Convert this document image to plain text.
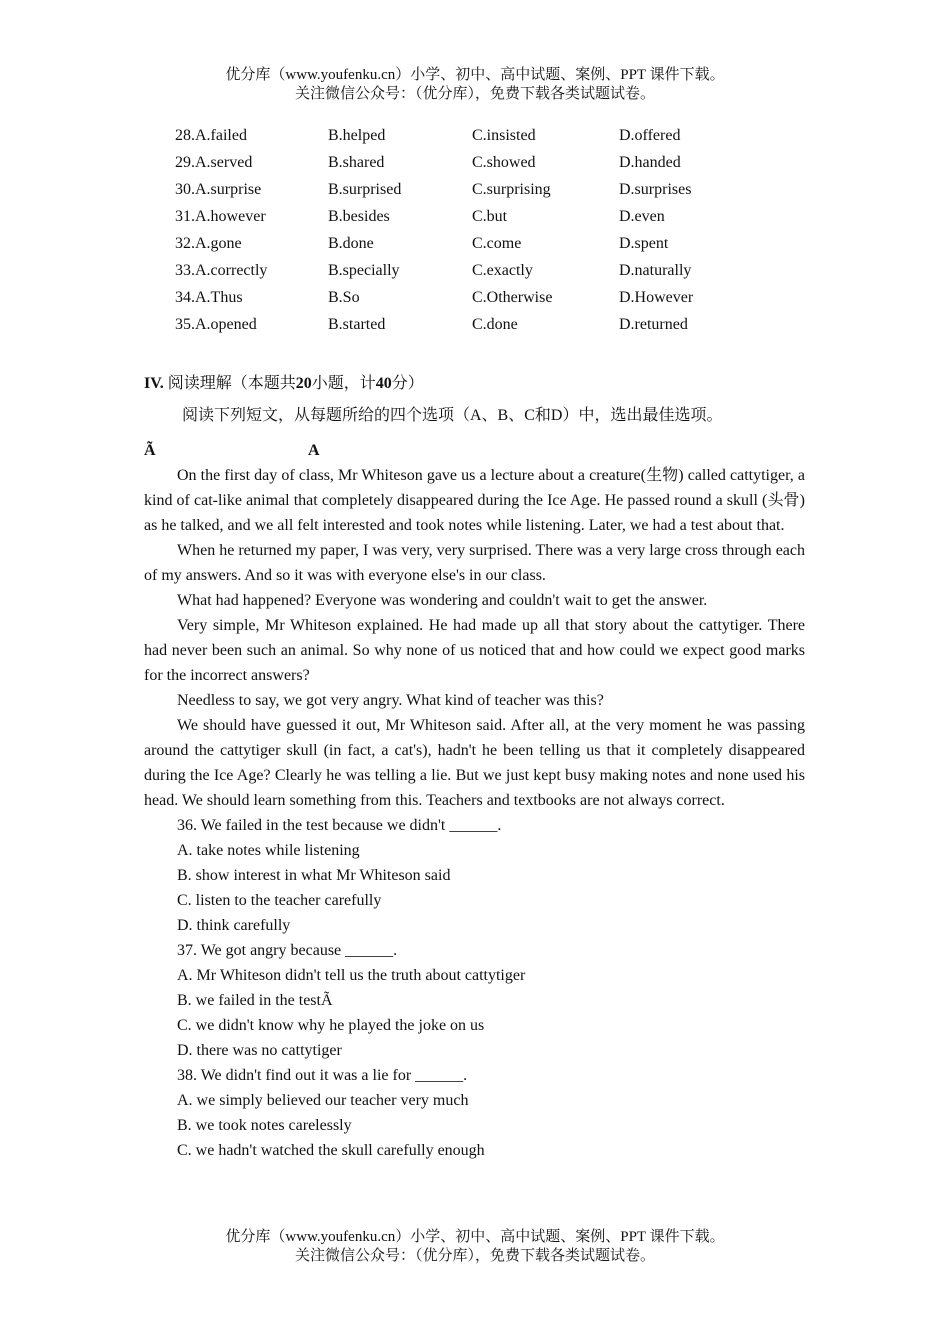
优分库（www.youfenku.cn）小学、初中、高中试题、案例、PPT 课件下载。
关注微信公众号：（优分库），免费下载各类试题试卷。
28.A.failed	B.helped	C.insisted	D.offered
29.A.served	B.shared	C.showed	D.handed
30.A.surprise	B.surprised	C.surprising	D.surprises
31.A.however	B.besides	C.but	D.even
32.A.gone	B.done	C.come	D.spent
33.A.correctly	B.specially	C.exactly	D.naturally
34.A.Thus	B.So	C.Otherwise	D.However
35.A.opened	B.started	C.done	D.returned
IV. 阅读理解（本题共20小题，计40分）
阅读下列短文，从每题所给的四个选项（A、B、C和D）中，选出最佳选项。
Ã	A

On the first day of class, Mr Whiteson gave us a lecture about a creature(生物) called cattytiger, a kind of cat-like animal that completely disappeared during the Ice Age. He passed round a skull (头骨) as he talked, and we all felt interested and took notes while listening. Later, we had a test about that.

When he returned my paper, I was very, very surprised. There was a very large cross through each of my answers. And so it was with everyone else's in our class.

What had happened? Everyone was wondering and couldn't wait to get the answer.

Very simple, Mr Whiteson explained. He had made up all that story about the cattytiger. There had never been such an animal. So why none of us noticed that and how could we expect good marks for the incorrect answers?

Needless to say, we got very angry. What kind of teacher was this?

We should have guessed it out, Mr Whiteson said. After all, at the very moment he was passing around the cattytiger skull (in fact, a cat's), hadn't he been telling us that it completely disappeared during the Ice Age? Clearly he was telling a lie. But we just kept busy making notes and none used his head. We should learn something from this. Teachers and textbooks are not always correct.

36. We failed in the test because we didn't ______.
A. take notes while listening
B. show interest in what Mr Whiteson said
C. listen to the teacher carefully
D. think carefully
37. We got angry because ______.
A. Mr Whiteson didn't tell us the truth about cattytiger
B. we failed in the testÃ
C. we didn't know why he played the joke on us
D. there was no cattytiger
38. We didn't find out it was a lie for ______.
A. we simply believed our teacher very much
B. we took notes carelessly
C. we hadn't watched the skull carefully enough
优分库（www.youfenku.cn）小学、初中、高中试题、案例、PPT 课件下载。
关注微信公众号：（优分库），免费下载各类试题试卷。
